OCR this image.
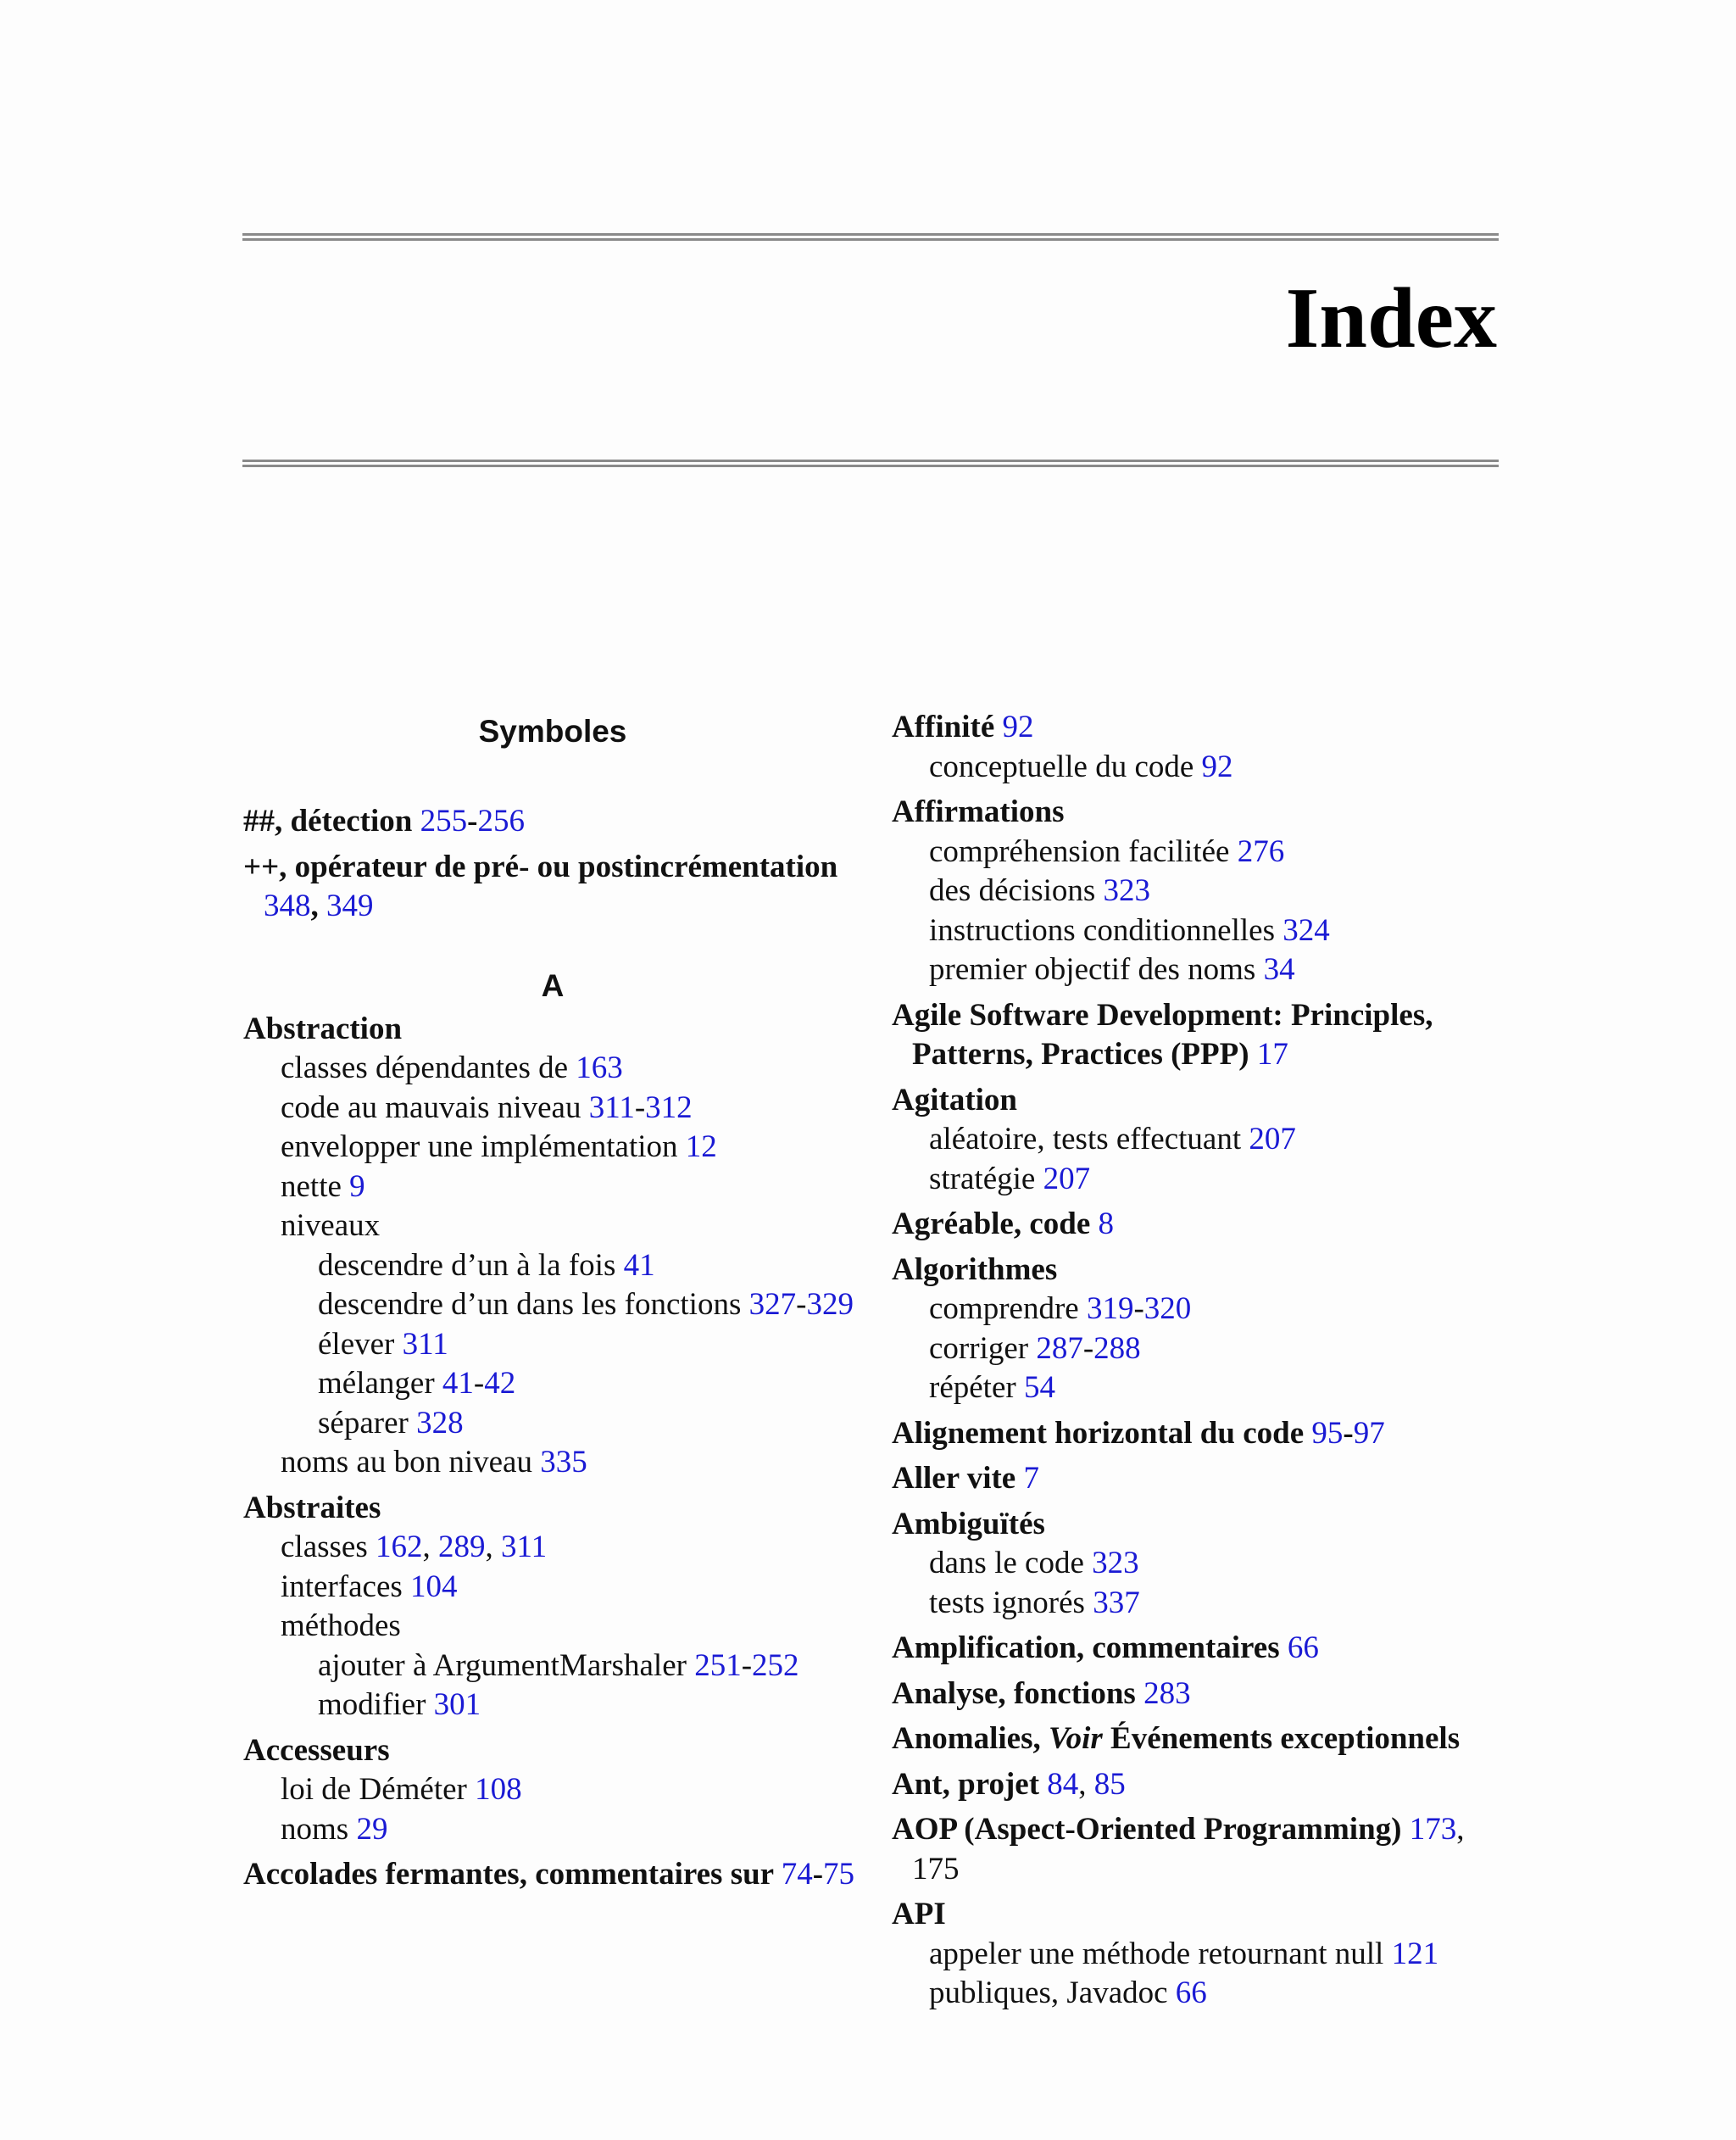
Index
Symboles
##, détection 255-256
++, opérateur de pré- ou postincrémentation 348, 349
A
Abstraction
classes dépendantes de 163
code au mauvais niveau 311-312
envelopper une implémentation 12
nette 9
niveaux
descendre d’un à la fois 41
descendre d’un dans les fonctions 327-329
élever 311
mélanger 41-42
séparer 328
noms au bon niveau 335
Abstraites
classes 162, 289, 311
interfaces 104
méthodes
ajouter à ArgumentMarshaler 251-252
modifier 301
Accesseurs
loi de Déméter 108
noms 29
Accolades fermantes, commentaires sur 74-75
Affinité 92
conceptuelle du code 92
Affirmations
compréhension facilitée 276
des décisions 323
instructions conditionnelles 324
premier objectif des noms 34
Agile Software Development: Principles, Patterns, Practices (PPP) 17
Agitation
aléatoire, tests effectuant 207
stratégie 207
Agréable, code 8
Algorithmes
comprendre 319-320
corriger 287-288
répéter 54
Alignement horizontal du code 95-97
Aller vite 7
Ambiguïtés
dans le code 323
tests ignorés 337
Amplification, commentaires 66
Analyse, fonctions 283
Anomalies, Voir Événements exceptionnels
Ant, projet 84, 85
AOP (Aspect-Oriented Programming) 173, 175
API
appeler une méthode retournant null 121
publiques, Javadoc 66
